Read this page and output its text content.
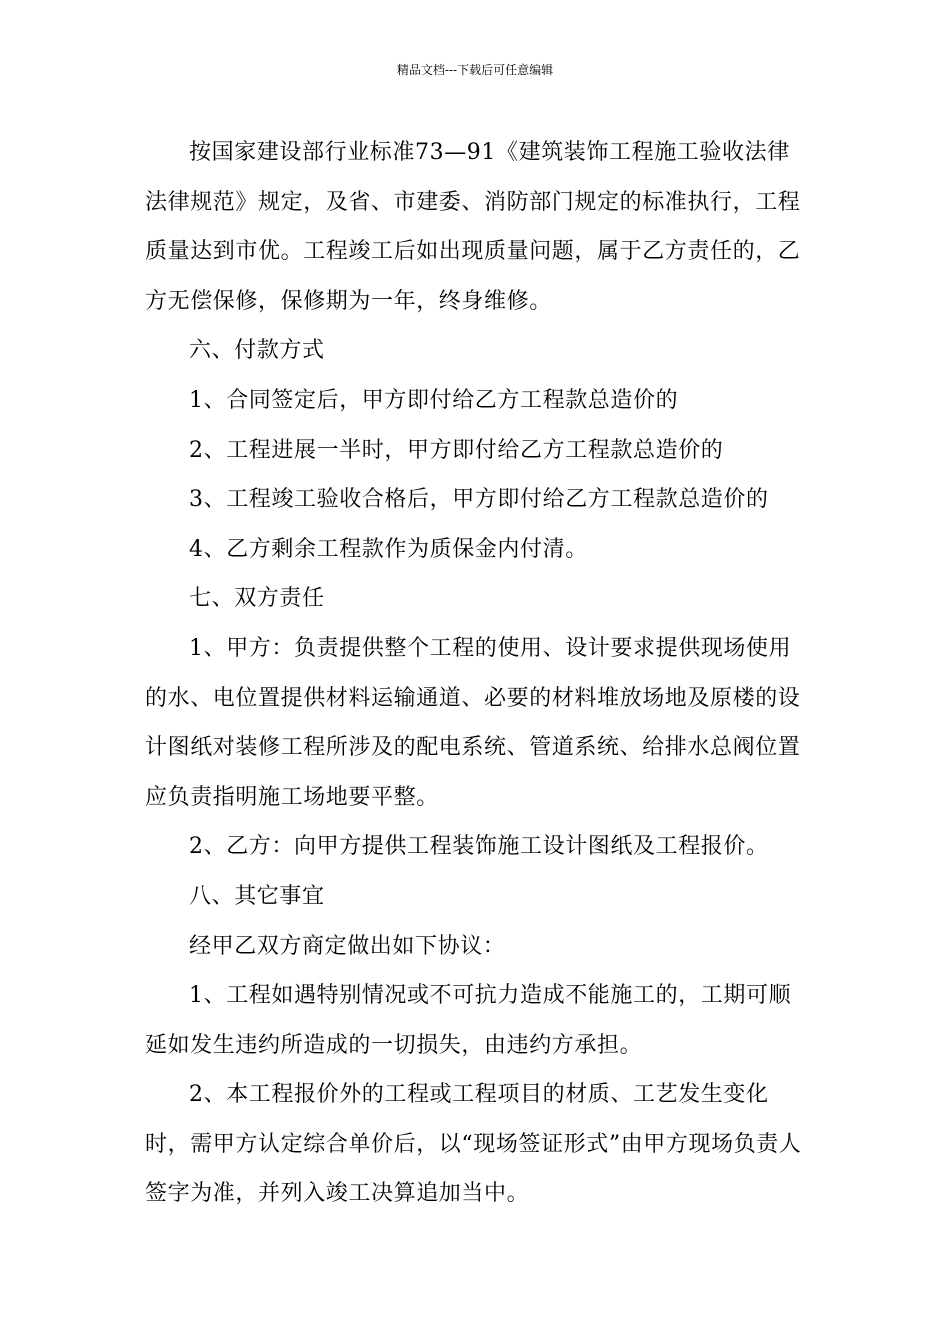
精品文档---下载后可任意编辑

按国家建设部行业标准73—91《建筑装饰工程施工验收法律法律规范》规定，及省、市建委、消防部门规定的标准执行，工程质量达到市优。工程竣工后如出现质量问题，属于乙方责任的，乙方无偿保修，保修期为一年，终身维修。

六、付款方式

1、合同签定后，甲方即付给乙方工程款总造价的

2、工程进展一半时，甲方即付给乙方工程款总造价的

3、工程竣工验收合格后，甲方即付给乙方工程款总造价的

4、乙方剩余工程款作为质保金内付清。

七、双方责任

1、甲方：负责提供整个工程的使用、设计要求提供现场使用的水、电位置提供材料运输通道、必要的材料堆放场地及原楼的设计图纸对装修工程所涉及的配电系统、管道系统、给排水总阀位置应负责指明施工场地要平整。

2、乙方：向甲方提供工程装饰施工设计图纸及工程报价。

八、其它事宜

经甲乙双方商定做出如下协议：

1、工程如遇特别情况或不可抗力造成不能施工的，工期可顺延如发生违约所造成的一切损失，由违约方承担。

2、本工程报价外的工程或工程项目的材质、工艺发生变化时，需甲方认定综合单价后，以“现场签证形式”由甲方现场负责人签字为准，并列入竣工决算追加当中。
